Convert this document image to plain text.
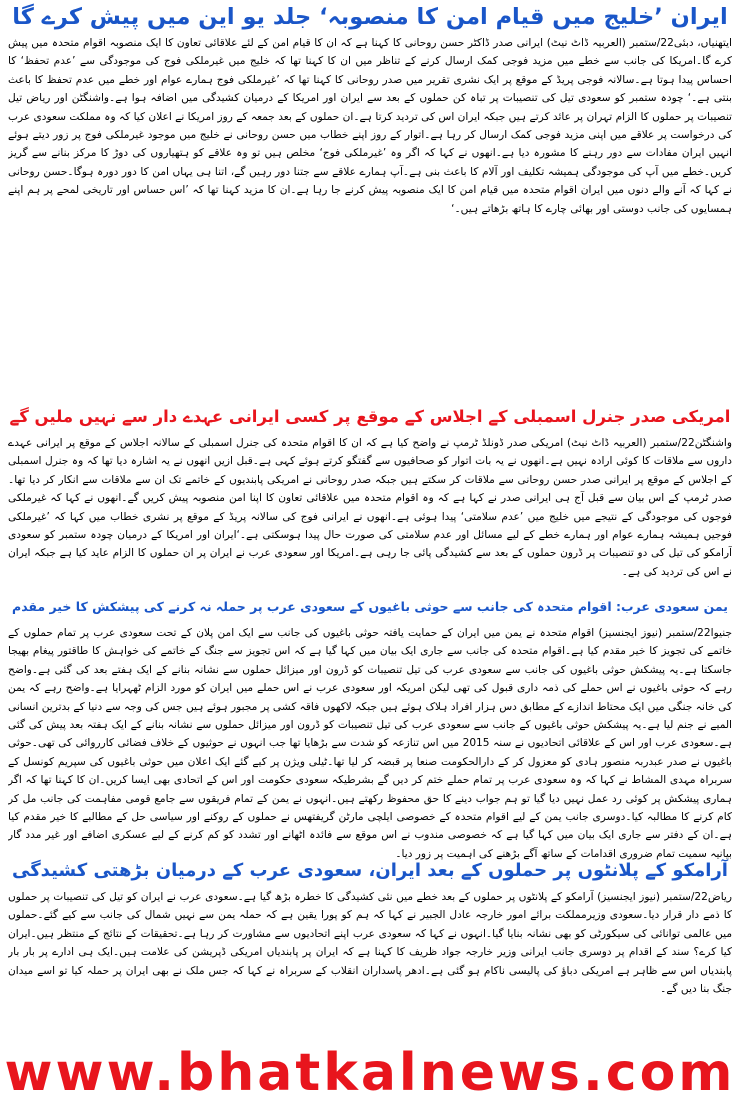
ایران ’خلیج میں قیام امن کا منصوبہ‘ جلد یو این میں پیش کرے گا

ایتھنیاں، دبئی22/ستمبر (العربیہ ڈاٹ نیٹ) ایرانی صدر ڈاکٹر حسن روحانی کا کہنا ہے کہ ان کا قیام امن کے لئے علاقائی تعاون کا ایک منصوبہ اقوام متحدہ میں پیش کرے گا۔امریکا کی جانب سے خطے میں مزید فوجی کمک ارسال کرنے کے تناظر میں ان کا کہنا تھا کہ خلیج میں غیرملکی فوج کی موجودگی سے ’عدم تحفظ‘ کا احساس پیدا ہوتا ہے۔سالانہ فوجی پریڈ کے موقع پر ایک نشری تقریر میں صدر روحانی کا کہنا تھا کہ ’غیرملکی فوج ہمارے عوام اور خطے میں عدم تحفظ کا باعث بنتی ہے۔‘ چودہ ستمبر کو سعودی تیل کی تنصیبات پر تباہ کن حملوں کے بعد سے ایران اور امریکا کے درمیان کشیدگی میں اضافہ ہوا ہے۔واشنگٹن اور ریاض تیل تنصیبات پر حملوں کا الزام تہران پر عائد کرتے ہیں جبکہ ایران اس کی تردید کرتا ہے۔ان حملوں کے بعد جمعہ کے روز امریکا نے اعلان کیا کہ وہ مملکت سعودی عرب کی درخواست پر علاقے میں اپنی مزید فوجی کمک ارسال کر رہا ہے۔اتوار کے روز اپنے خطاب میں حسن روحانی نے خلیج میں موجود غیرملکی فوج پر زور دیتے ہوئے انہیں ایران مفادات سے دور رہنے کا مشورہ دیا ہے۔انھوں نے کہا کہ اگر وہ ’غیرملکی فوج‘ مخلص ہیں تو وہ علاقے کو ہتھیاروں کی دوڑ کا مرکز بنانے سے گریز کریں۔خطے میں آپ کی موجودگی ہمیشہ تکلیف اور آلام کا باعث بنی ہے۔آپ ہمارے علاقے سے جتنا دور رہیں گے، اتنا ہی یہاں امن کا دور دورہ ہوگا۔حسن روحانی نے کہا کہ آنے والے دنوں میں ایران اقوام متحدہ میں قیام امن کا ایک منصوبہ پیش کرنے جا رہا ہے۔ان کا مزید کہنا تھا کہ ’اس حساس اور تاریخی لمحے پر ہم اپنے ہمسایوں کی جانب دوستی اور بھائی چارے کا ہاتھ بڑھاتے ہیں۔‘

امریکی صدر جنرل اسمبلی کے اجلاس کے موقع پر کسی ایرانی عہدے دار سے نہیں ملیں گے

واشنگٹن22/ستمبر (العربیہ ڈاٹ نیٹ) امریکی صدر ڈونلڈ ٹرمپ نے واضح کیا ہے کہ ان کا اقوام متحدہ کی جنرل اسمبلی کے سالانہ اجلاس کے موقع پر ایرانی عہدے داروں سے ملاقات کا کوئی ارادہ نہیں ہے۔انھوں نے یہ بات اتوار کو صحافیوں سے گفتگو کرتے ہوئے کہی ہے۔قبل ازیں انھوں نے یہ اشارہ دیا تھا کہ وہ جنرل اسمبلی کے اجلاس کے موقع پر ایرانی صدر حسن روحانی سے ملاقات کر سکتے ہیں جبکہ صدر روحانی نے امریکی پابندیوں کے خاتمے تک ان سے ملاقات سے انکار کر دیا تھا۔صدر ٹرمپ کے اس بیان سے قبل آج ہی ایرانی صدر نے کہا ہے کہ وہ اقوام متحدہ میں علاقائی تعاون کا اپنا امن منصوبہ پیش کریں گے۔انھوں نے کہا کہ غیرملکی فوجوں کی موجودگی کے نتیجے میں خلیج میں ’عدم سلامتی‘ پیدا ہوئی ہے۔انھوں نے ایرانی فوج کی سالانہ پریڈ کے موقع پر نشری خطاب میں کہا کہ ’غیرملکی فوجیں ہمیشہ ہمارے عوام اور ہمارے خطے کے لیے مسائل اور عدم سلامتی کی صورت حال پیدا ہوسکتی ہے۔‘ایران اور امریکا کے درمیان چودہ ستمبر کو سعودی آرامکو کی تیل کی دو تنصیبات پر ڈرون حملوں کے بعد سے کشیدگی پائی جا رہی ہے۔امریکا اور سعودی عرب نے ایران پر ان حملوں کا الزام عاید کیا ہے جبکہ ایران نے اس کی تردید کی ہے۔

یمن سعودی عرب: اقوام متحدہ کی جانب سے حوثی باغیوں کے سعودی عرب پر حملہ نہ کرنے کی پیشکش کا خیر مقدم

جنیوا22/ستمبر (نیوز ایجنسیز) اقوام متحدہ نے یمن میں ایران کے حمایت یافتہ حوثی باغیوں کی جانب سے ایک امن پلان کے تحت سعودی عرب پر تمام حملوں کے خاتمے کی تجویز کا خیر مقدم کیا ہے۔اقوام متحدہ کی جانب سے جاری ایک بیان میں کہا گیا ہے کہ اس تجویز سے جنگ کے خاتمے کی خواہش کا طاقتور پیغام بھیجا جاسکتا ہے۔یہ پیشکش حوثی باغیوں کی جانب سے سعودی عرب کی تیل تنصیبات کو ڈرون اور میزائل حملوں سے نشانہ بنانے کے ایک ہفتے بعد کی گئی ہے۔واضح رہے کہ حوثی باغیوں نے اس حملے کی ذمہ داری قبول کی تھی لیکن امریکہ اور سعودی عرب نے اس حملے میں ایران کو مورد الزام ٹھہرایا ہے۔واضح رہے کہ یمن کی خانہ جنگی میں ایک محتاط اندازے کے مطابق دس ہزار افراد ہلاک ہوئے ہیں جبکہ لاکھوں فاقہ کشی پر مجبور ہوئے ہیں جس کی وجہ سے دنیا کے بدترین انسانی المیے نے جنم لیا ہے۔یہ پیشکش حوثی باغیوں کے جانب سے سعودی عرب کی تیل تنصیبات کو ڈرون اور میزائل حملوں سے نشانہ بنانے کے ایک ہفتہ بعد پیش کی گئی ہے۔سعودی عرب اور اس کے علاقائی اتحادیوں نے سنہ 2015 میں اس تنازعہ کو شدت سے بڑھایا تھا جب انہوں نے حوثیوں کے خلاف فضائی کارروائی کی تھی۔حوثی باغیوں نے صدر عبدربہ منصور ہادی کو معزول کر کے دارالحکومت صنعا پر قبضہ کر لیا تھا۔ٹیلی ویژن پر کیے گئے ایک اعلان میں حوثی باغیوں کی سپریم کونسل کے سربراہ مہدی المشاط نے کہا کہ وہ سعودی عرب پر تمام حملے ختم کر دیں گے بشرطیکہ سعودی حکومت اور اس کے اتحادی بھی ایسا کریں۔ان کا کہنا تھا کہ اگر ہماری پیشکش پر کوئی رد عمل نہیں دیا گیا تو ہم جواب دینے کا حق محفوظ رکھتے ہیں۔انہوں نے یمن کے تمام فریقوں سے جامع قومی مفاہمت کی جانب مل کر کام کرنے کا مطالبہ کیا۔دوسری جانب یمن کے لیے اقوام متحدہ کے خصوصی ایلچی مارٹن گریفتھس نے حملوں کے روکنے اور سیاسی حل کے مطالبے کا خیر مقدم کیا ہے۔ان کے دفتر سے جاری ایک بیان میں کہا گیا ہے کہ خصوصی مندوب نے اس موقع سے فائدہ اٹھانے اور تشدد کو کم کرنے کے لیے عسکری اضافے اور غیر مدد گار بیانیہ سمیت تمام ضروری اقدامات کے ساتھ آگے بڑھنے کی اہمیت پر زور دیا۔

آرامکو کے پلانٹوں پر حملوں کے بعد ایران، سعودی عرب کے درمیان بڑھتی کشیدگی

ریاض22/ستمبر (نیوز ایجنسیز) آرامکو کے پلانٹوں پر حملوں کے بعد خطے میں نئی کشیدگی کا خطرہ بڑھ گیا ہے۔سعودی عرب نے ایران کو تیل کی تنصیبات پر حملوں کا ذمے دار قرار دیا۔سعودی وزیرمملکت برائے امور خارجہ عادل الجبیر نے کہا کہ ہم کو پورا یقین ہے کہ حملہ یمن سے نہیں شمال کی جانب سے کیے گئے۔حملوں میں عالمی توانائی کی سیکورٹی کو بھی نشانہ بنایا گیا۔انہوں نے کہا کہ سعودی عرب اپنے اتحادیوں سے مشاورت کر رہا ہے۔تحقیقات کے نتائج کے منتظر ہیں۔ایران کیا کرے؟ سند کے اقدام پر دوسری جانب ایرانی وزیر خارجہ جواد ظریف کا کہنا ہے کہ ایران پر پابندیاں امریکی ڈپریشن کی علامت ہیں۔ایک ہی ادارے پر بار بار پابندیاں اس سے ظاہر ہے امریکی دباؤ کی پالیسی ناکام ہو گئی ہے۔ادھر پاسداران انقلاب کے سربراہ نے کہا کہ جس ملک نے بھی ایران پر حملہ کیا تو اسے میدان جنگ بنا دیں گے۔

www.bhatkalnews.com
